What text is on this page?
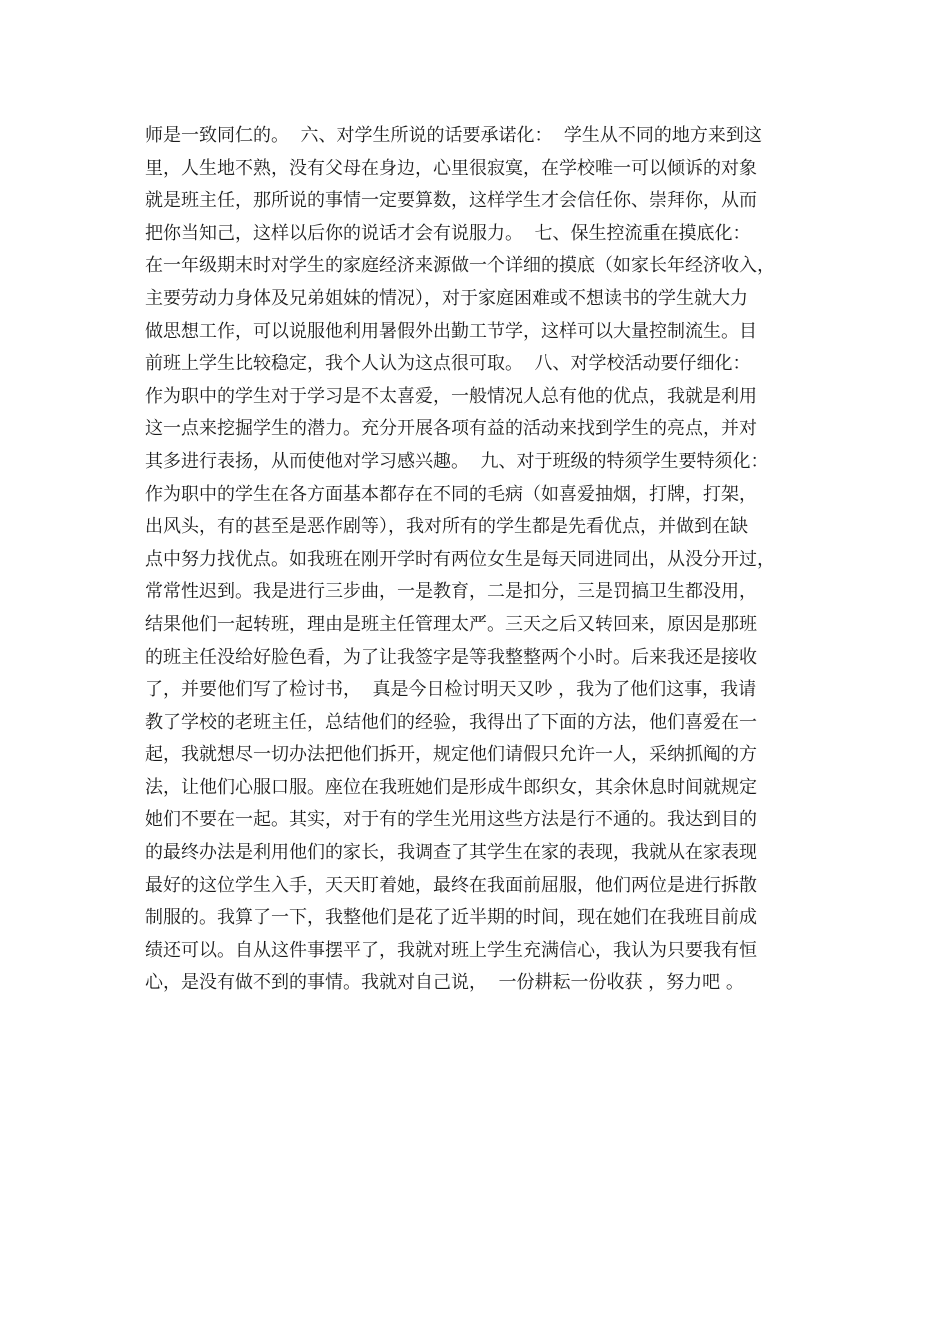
师是一致同仁的。  六、对学生所说的话要承诺化：  学生从不同的地方来到这
里，人生地不熟，没有父母在身边，心里很寂寞，在学校唯一可以倾诉的对象
就是班主任，那所说的事情一定要算数，这样学生才会信任你、崇拜你，从而
把你当知己，这样以后你的说话才会有说服力。  七、保生控流重在摸底化：
在一年级期末时对学生的家庭经济来源做一个详细的摸底（如家长年经济收入，
主要劳动力身体及兄弟姐妹的情况），对于家庭困难或不想读书的学生就大力
做思想工作，可以说服他利用暑假外出勤工节学，这样可以大量控制流生。目
前班上学生比较稳定，我个人认为这点很可取。  八、对学校活动要仔细化：
作为职中的学生对于学习是不太喜爱，一般情况人总有他的优点，我就是利用
这一点来挖掘学生的潜力。充分开展各项有益的活动来找到学生的亮点，并对
其多进行表扬，从而使他对学习感兴趣。  九、对于班级的特须学生要特须化：
作为职中的学生在各方面基本都存在不同的毛病（如喜爱抽烟，打牌，打架，
出风头，有的甚至是恶作剧等），我对所有的学生都是先看优点，并做到在缺
点中努力找优点。如我班在刚开学时有两位女生是每天同进同出，从没分开过，
常常性迟到。我是进行三步曲，一是教育，二是扣分，三是罚搞卫生都没用，
结果他们一起转班，理由是班主任管理太严。三天之后又转回来，原因是那班
的班主任没给好脸色看，为了让我签字是等我整整两个小时。后来我还是接收
了，并要他们写了检讨书，  真是今日检讨明天又吵 ，我为了他们这事，我请
教了学校的老班主任，总结他们的经验，我得出了下面的方法，他们喜爱在一
起，我就想尽一切办法把他们拆开，规定他们请假只允许一人，采纳抓阄的方
法，让他们心服口服。座位在我班她们是形成牛郎织女，其余休息时间就规定
她们不要在一起。其实，对于有的学生光用这些方法是行不通的。我达到目的
的最终办法是利用他们的家长，我调查了其学生在家的表现，我就从在家表现
最好的这位学生入手，天天盯着她，最终在我面前屈服，他们两位是进行拆散
制服的。我算了一下，我整他们是花了近半期的时间，现在她们在我班目前成
绩还可以。自从这件事摆平了，我就对班上学生充满信心，我认为只要我有恒
心，是没有做不到的事情。我就对自己说，  一份耕耘一份收获 ，努力吧 。
